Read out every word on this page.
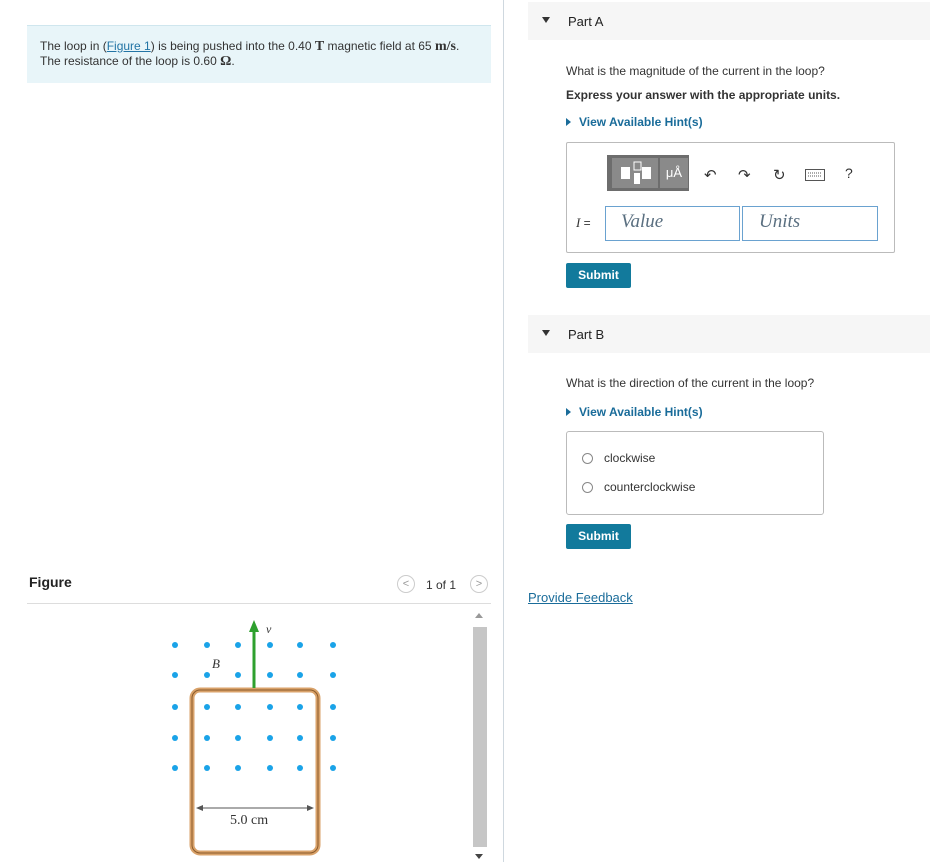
The loop in (Figure 1) is being pushed into the 0.40 T magnetic field at 65 m/s.
The resistance of the loop is 0.60 Ω.
Figure	<	1 of 1	>
v
B
5.0 cm
Part A
What is the magnitude of the current in the loop?
Express your answer with the appropriate units.
View Available Hint(s)
μÅ	↶ ↷ ↻	?
I =	Value	Units
Submit
Part B
What is the direction of the current in the loop?
View Available Hint(s)
clockwise
counterclockwise
Submit
Provide Feedback
